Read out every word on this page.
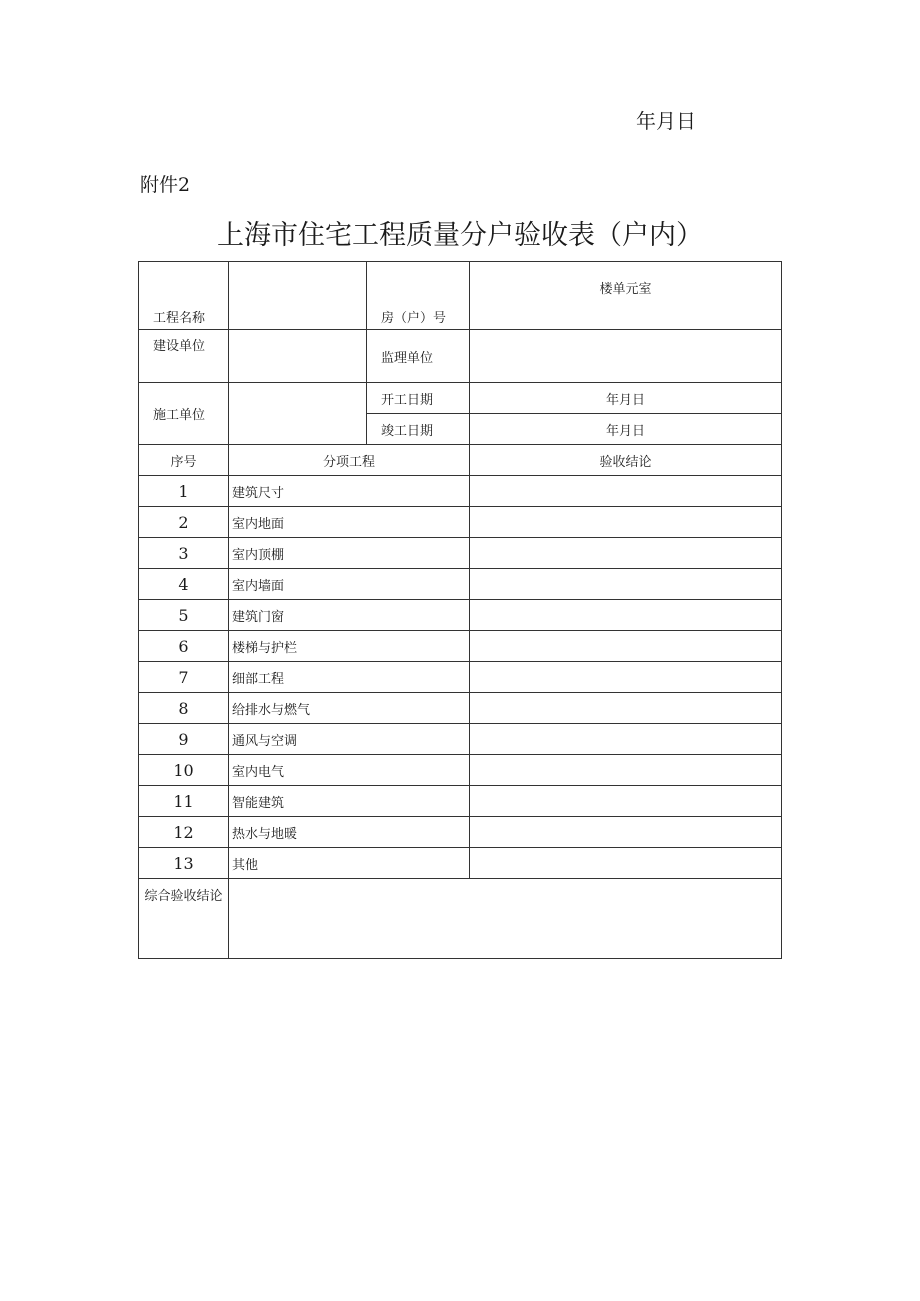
年月日
附件2
上海市住宅工程质量分户验收表（户内）
工程名称		房（户）号	楼单元室
建设单位		监理单位	
施工单位		开工日期	年月日
		竣工日期	年月日
序号	分项工程		验收结论
1	建筑尺寸		
2	室内地面		
3	室内顶棚		
4	室内墙面		
5	建筑门窗		
6	楼梯与护栏		
7	细部工程		
8	给排水与燃气		
9	通风与空调		
10	室内电气		
11	智能建筑		
12	热水与地暖		
13	其他		
综合验收结论			
